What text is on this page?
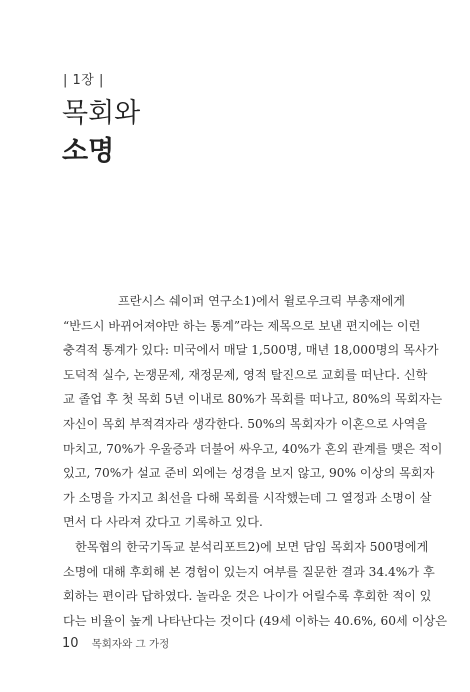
| 1장 |
목회와
소명
프란시스 쉐이퍼 연구소1)에서 윌로우크릭 부총재에게
“반드시 바뀌어져야만 하는 통계”라는 제목으로 보낸 편지에는 이런
충격적 통계가 있다: 미국에서 매달 1,500명, 매년 18,000명의 목사가
도덕적 실수, 논쟁문제, 재정문제, 영적 탈진으로 교회를 떠난다. 신학
교 졸업 후 첫 목회 5년 이내로 80%가 목회를 떠나고, 80%의 목회자는
자신이 목회 부적격자라 생각한다. 50%의 목회자가 이혼으로 사역을
마치고, 70%가 우울증과 더불어 싸우고, 40%가 혼외 관계를 맺은 적이
있고, 70%가 설교 준비 외에는 성경을 보지 않고, 90% 이상의 목회자
가 소명을 가지고 최선을 다해 목회를 시작했는데 그 열정과 소명이 살
면서 다 사라져 갔다고 기록하고 있다.
한목협의 한국기독교 분석리포트2)에 보면 담임 목회자 500명에게
소명에 대해 후회해 본 경험이 있는지 여부를 질문한 결과 34.4%가 후
회하는 편이라 답하였다. 놀라운 것은 나이가 어릴수록 후회한 적이 있
다는 비율이 높게 나타난다는 것이다 (49세 이하는 40.6%, 60세 이상은
10 목회자와 그 가정
